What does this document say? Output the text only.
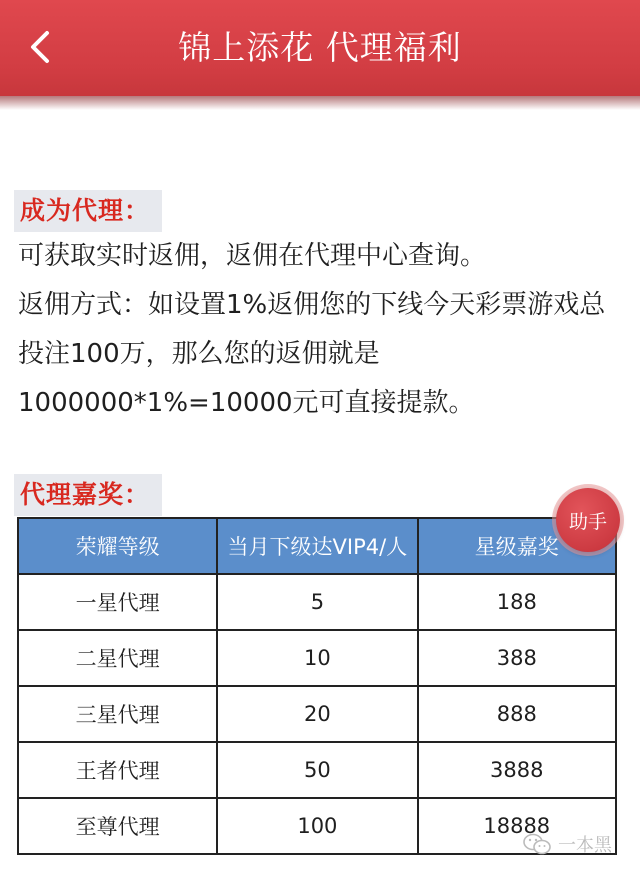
锦上添花 代理福利
成为代理：
可获取实时返佣，返佣在代理中心查询。
返佣方式：如设置1%返佣您的下线今天彩票游戏总投注100万，那么您的返佣就是1000000*1%=10000元可直接提款。
代理嘉奖：
荣耀等级	当月下级达VIP4/人	星级嘉奖
一星代理	5	188
二星代理	10	388
三星代理	20	888
王者代理	50	3888
至尊代理	100	18888
助手
一本黑
